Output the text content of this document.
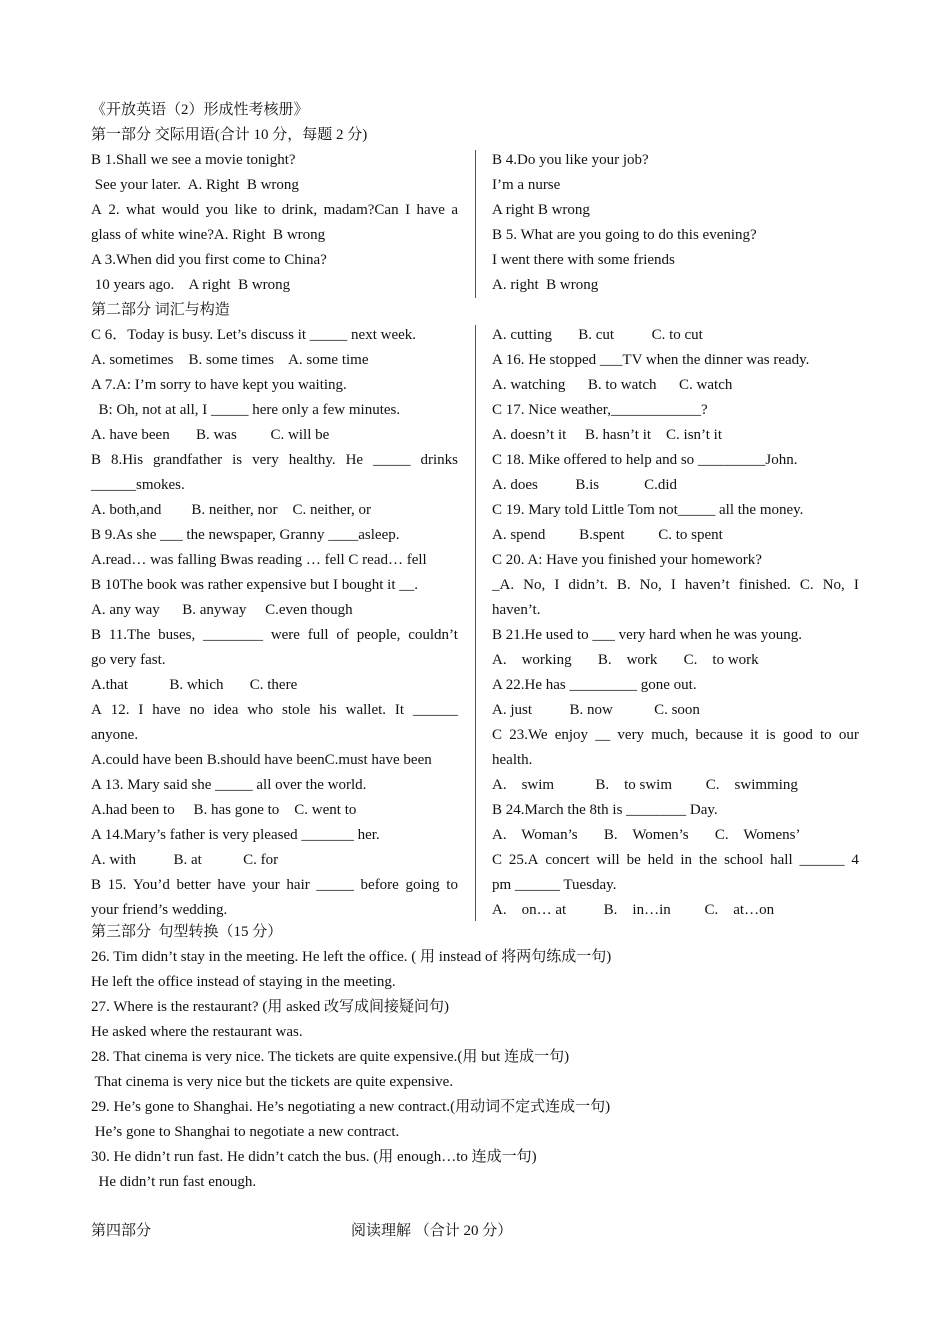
《开放英语（2）形成性考核册》
第一部分 交际用语(合计 10 分，每题 2 分)
B 1.Shall we see a movie tonight?
See your later.  A. Right  B wrong
A 2. what would you like to drink, madam?Can I have a
glass of white wine?A. Right  B wrong
A 3.When did you first come to China?
10 years ago.    A right  B wrong
B 4.Do you like your job?
I’m a nurse
A right B wrong
B 5. What are you going to do this evening?
I went there with some friends
A. right  B wrong
第二部分 词汇与构造
C 6．Today is busy. Let’s discuss it _____ next week.
A. sometimes    B. some times    A. some time
A 7.A: I’m sorry to have kept you waiting.
B: Oh, not at all, I _____ here only a few minutes.
A. have been       B. was         C. will be
B 8.His grandfather is very healthy. He _____ drinks
______smokes.
A. both,and        B. neither, nor    C. neither, or
B 9.As she ___ the newspaper, Granny ____asleep.
A.read… was falling Bwas reading … fell C read… fell
B 10The book was rather expensive but I bought it __.
A. any way      B. anyway     C.even though
B 11.The buses, ________ were full of people, couldn’t
go very fast.
A.that           B. which       C. there
A 12. I have no idea who stole his wallet. It ______
anyone.
A.could have been B.should have beenC.must have been
A 13. Mary said she _____ all over the world.
A.had been to     B. has gone to    C. went to
A 14.Mary’s father is very pleased _______ her.
A. with          B. at           C. for
B 15. You’d better have your hair _____ before going to
your friend’s wedding.
A. cutting       B. cut          C. to cut
A 16. He stopped ___TV when the dinner was ready.
A. watching      B. to watch      C. watch
C 17. Nice weather,____________?
A. doesn’t it     B. hasn’t it    C. isn’t it
C 18. Mike offered to help and so _________John.
A. does          B.is            C.did
C 19. Mary told Little Tom not_____ all the money.
A. spend         B.spent         C. to spent
C 20. A: Have you finished your homework?
_A. No, I didn’t. B. No, I haven’t finished. C. No, I
haven’t.
B 21.He used to ___ very hard when he was young.
A.    working       B.    work       C.    to work
A 22.He has _________ gone out.
A. just          B. now           C. soon
C 23.We enjoy __ very much, because it is good to our
health.
A.    swim           B.    to swim         C.    swimming
B 24.March the 8th is ________ Day.
A.    Woman’s       B.    Women’s       C.    Womens’
C 25.A concert will be held in the school hall ______ 4
pm ______ Tuesday.
A.    on… at          B.    in…in         C.    at…on
第三部分  句型转换（15 分）
26. Tim didn’t stay in the meeting. He left the office. ( 用 instead of 将两句练成一句)
He left the office instead of staying in the meeting.
27. Where is the restaurant? (用 asked 改写成间接疑问句)
He asked where the restaurant was.
28. That cinema is very nice. The tickets are quite expensive.(用 but 连成一句)
That cinema is very nice but the tickets are quite expensive.
29. He’s gone to Shanghai. He’s negotiating a new contract.(用动词不定式连成一句)
He’s gone to Shanghai to negotiate a new contract.
30. He didn’t run fast. He didn’t catch the bus. (用 enough…to 连成一句)
He didn’t run fast enough.
第四部分	阅读理解 （合计 20 分）
